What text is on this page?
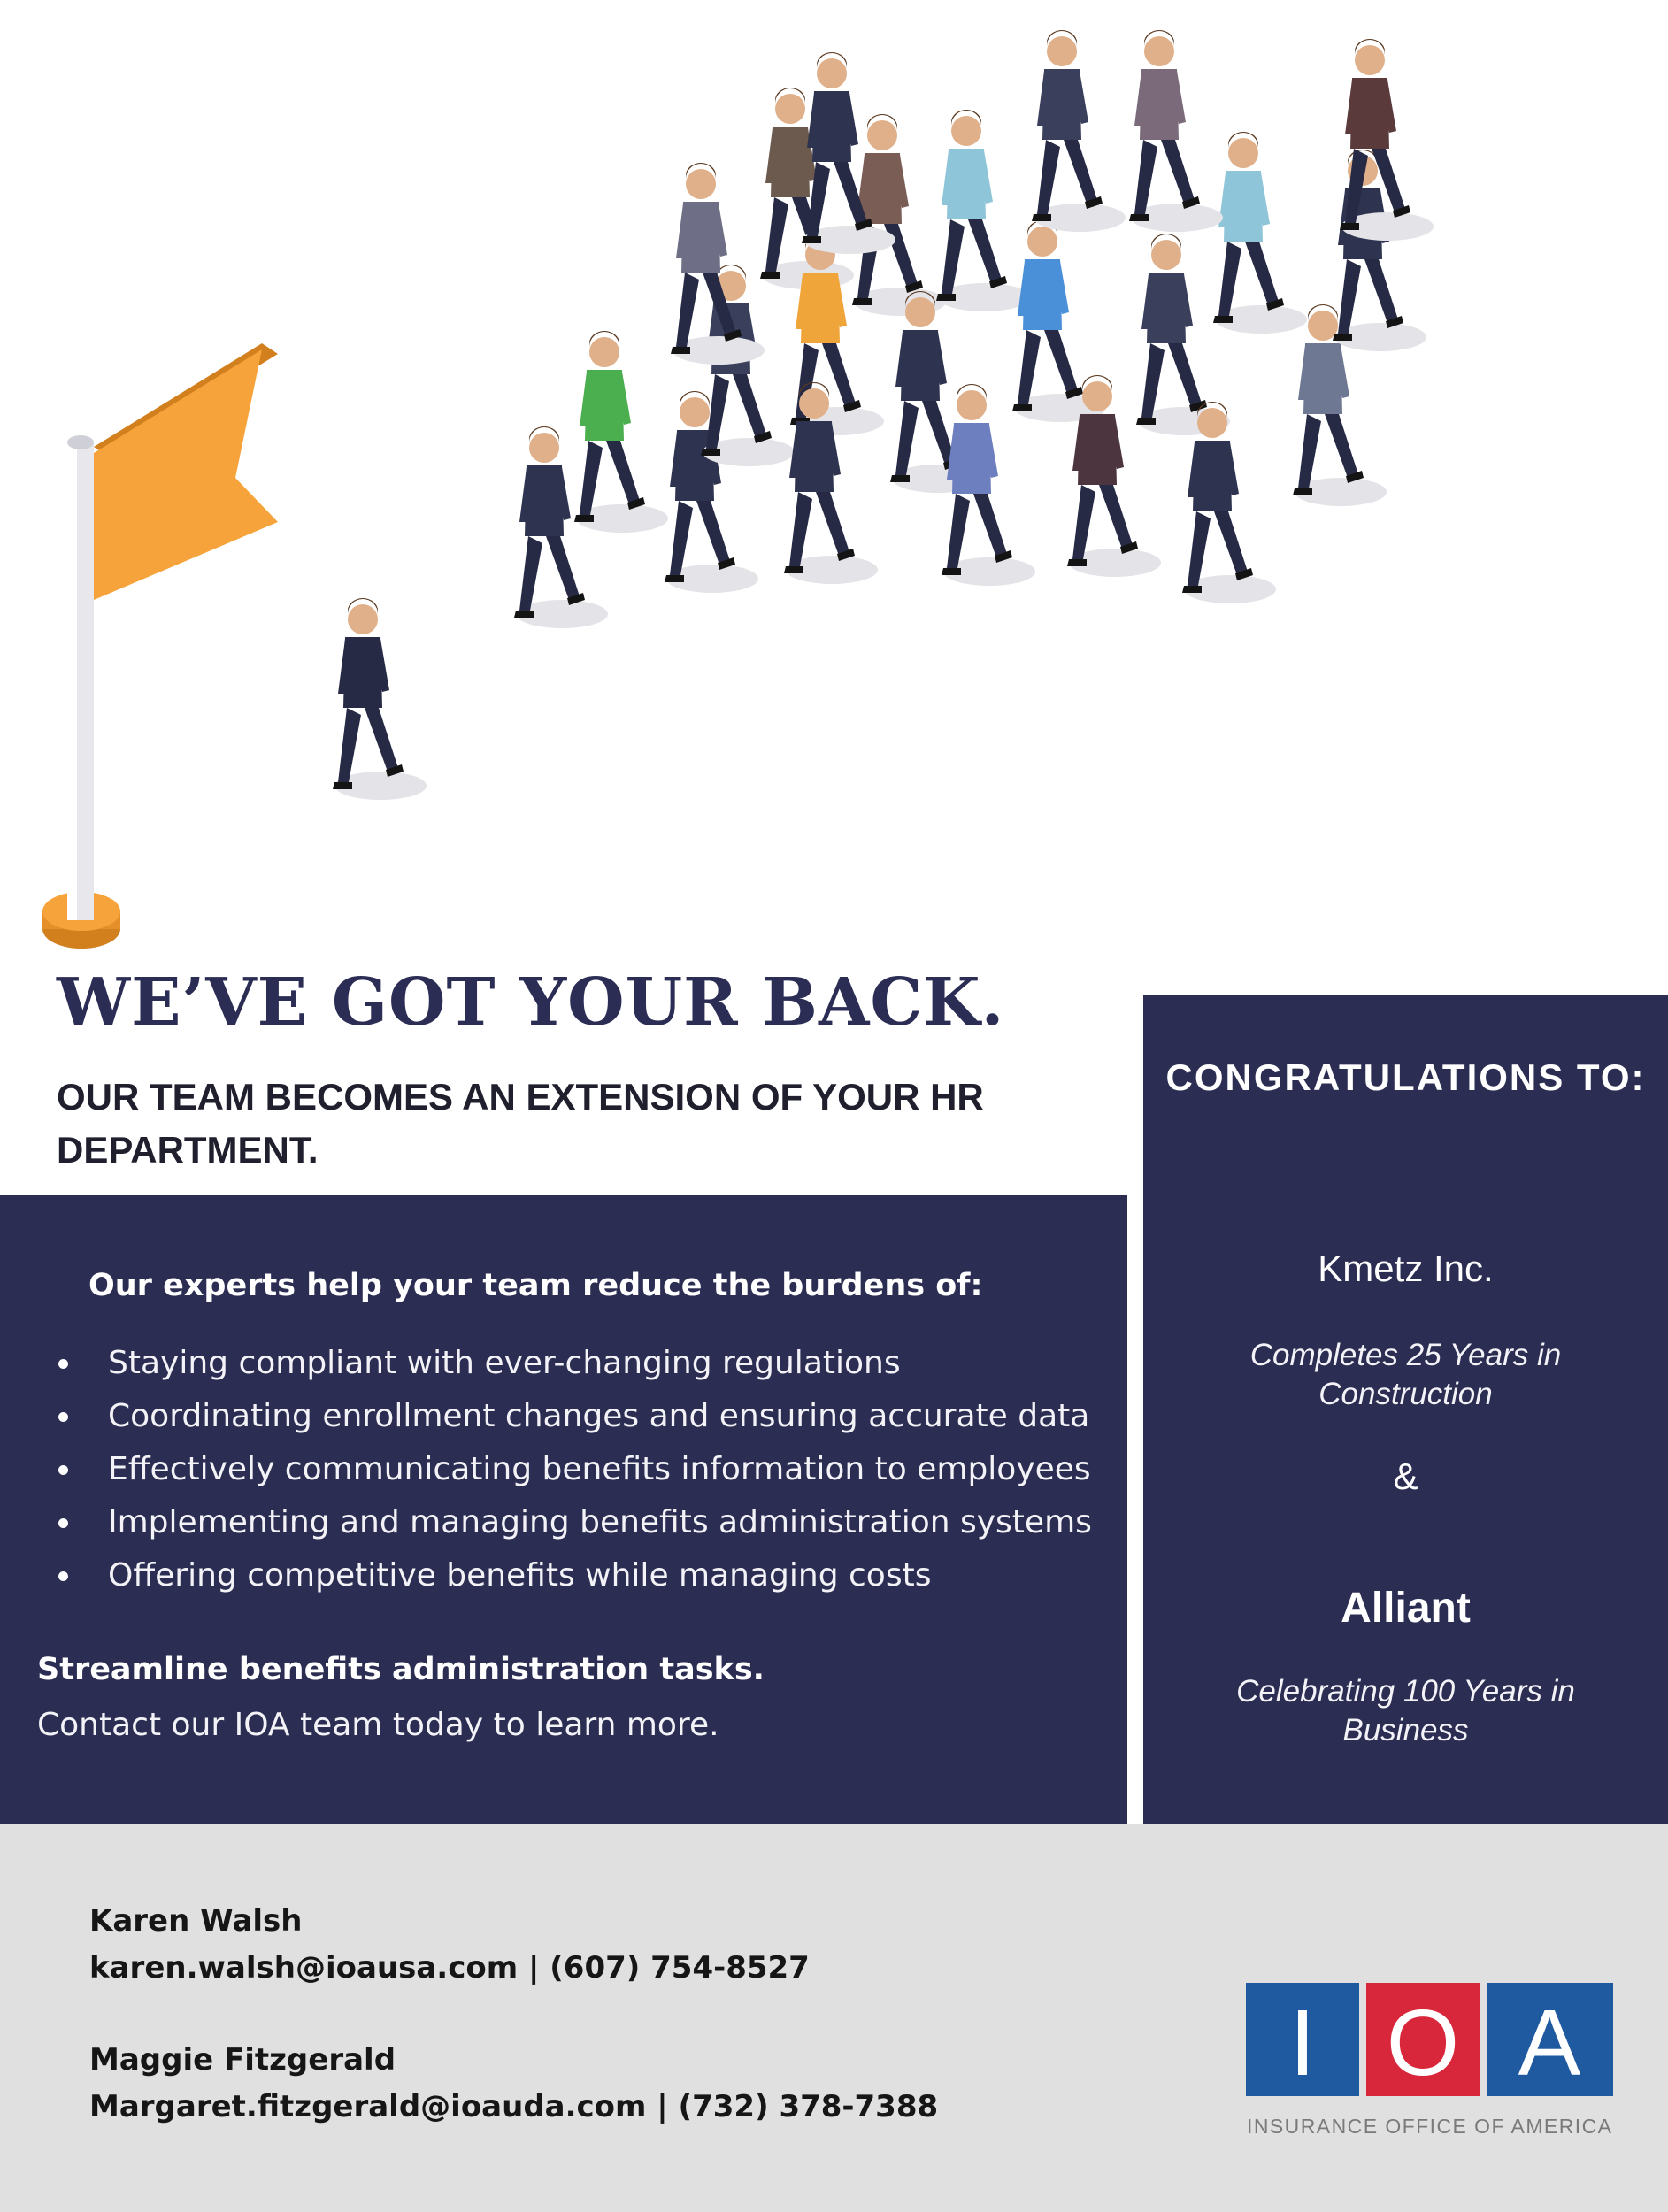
WE’VE GOT YOUR BACK.

OUR TEAM BECOMES AN EXTENSION OF YOUR HR DEPARTMENT.

Our experts help your team reduce the burdens of:

Staying compliant with ever-changing regulations
Coordinating enrollment changes and ensuring accurate data
Effectively communicating benefits information to employees
Implementing and managing benefits administration systems
Offering competitive benefits while managing costs

Streamline benefits administration tasks.

Contact our IOA team today to learn more.

CONGRATULATIONS TO:

Kmetz Inc.

Completes 25 Years in Construction

&

Alliant

Celebrating 100 Years in Business

Karen Walsh

karen.walsh@ioausa.com | (607) 754-8527

Maggie Fitzgerald

Margaret.fitzgerald@ioauda.com | (732) 378-7388

I O A
INSURANCE OFFICE OF AMERICA
